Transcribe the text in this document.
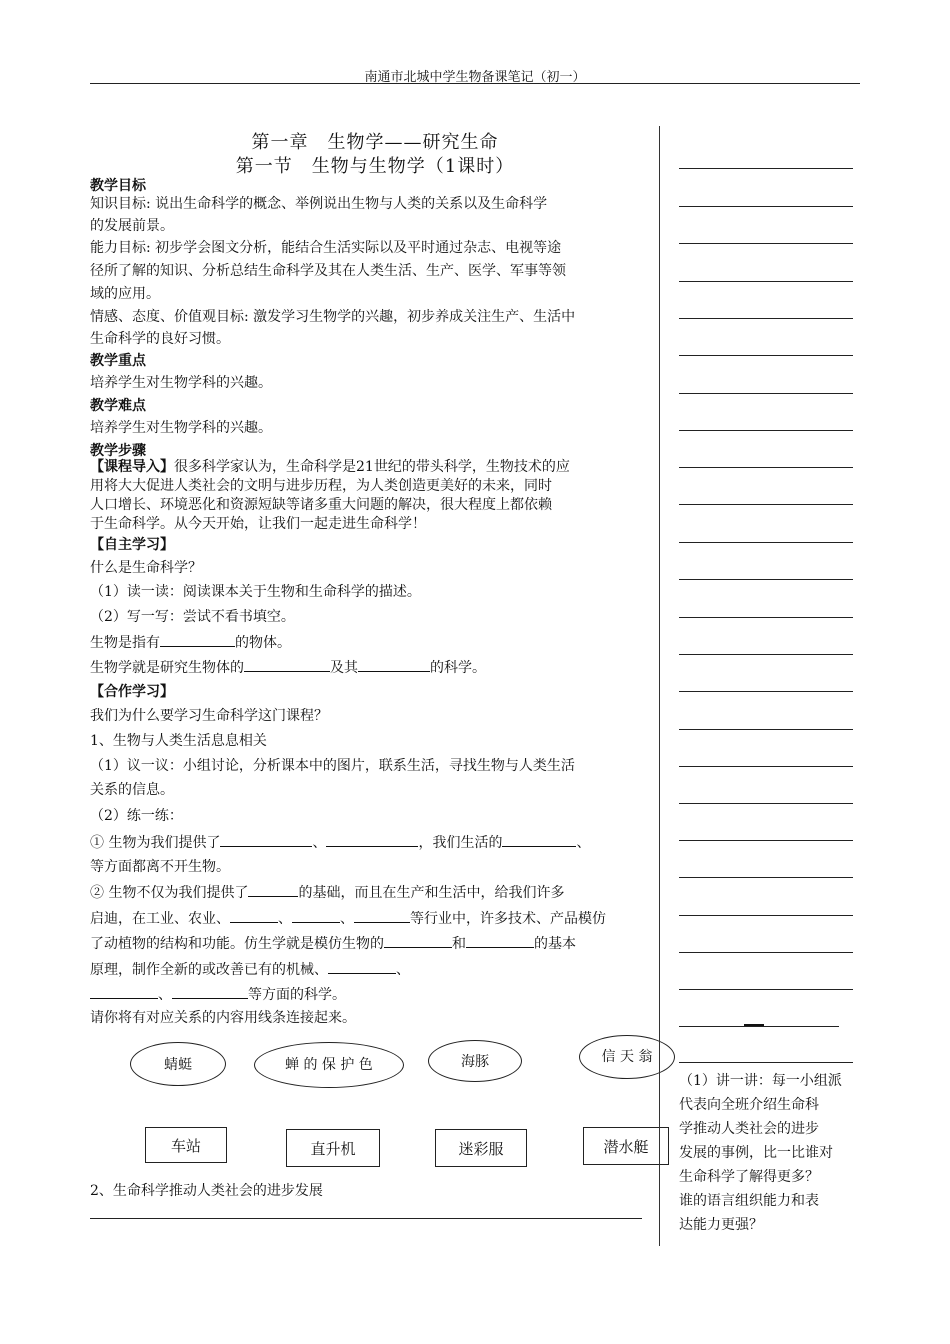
南通市北城中学生物备课笔记（初一）
第一章　生物学——研究生命
第一节　生物与生物学（1课时）
教学目标
知识目标: 说出生命科学的概念、举例说出生物与人类的关系以及生命科学
的发展前景。
能力目标: 初步学会图文分析，能结合生活实际以及平时通过杂志、电视等途
径所了解的知识、分析总结生命科学及其在人类生活、生产、医学、军事等领
域的应用。
情感、态度、价值观目标: 激发学习生物学的兴趣，初步养成关注生产、生活中
生命科学的良好习惯。
教学重点
培养学生对生物学科的兴趣。
教学难点
培养学生对生物学科的兴趣。
教学步骤
【课程导入】很多科学家认为，生命科学是21世纪的带头科学，生物技术的应
用将大大促进人类社会的文明与进步历程，为人类创造更美好的未来，同时
人口增长、环境恶化和资源短缺等诸多重大问题的解决，很大程度上都依赖
于生命科学。从今天开始，让我们一起走进生命科学！
【自主学习】
什么是生命科学？
（1）读一读：阅读课本关于生物和生命科学的描述。
（2）写一写：尝试不看书填空。
生物是指有	的物体。
生物学就是研究生物体的	及其	的科学。
【合作学习】
我们为什么要学习生命科学这门课程？
1、生物与人类生活息息相关
（1）议一议：小组讨论，分析课本中的图片，联系生活，寻找生物与人类生活
关系的信息。
（2）练一练：
① 生物为我们提供了	、	，我们生活的	、
等方面都离不开生物。
② 生物不仅为我们提供了	的基础，而且在生产和生活中，给我们许多
启迪，在工业、农业、	、	、	等行业中，许多技术、产品模仿
了动植物的结构和功能。仿生学就是模仿生物的	和	的基本
原理，制作全新的或改善已有的机械、	、
、	等方面的科学。
请你将有对应关系的内容用线条连接起来。
蜻蜓	蝉 的 保 护 色	海豚	信 天 翁
车站	直升机	迷彩服	潜水艇
2、生命科学推动人类社会的进步发展
（1）讲一讲：每一小组派
代表向全班介绍生命科
学推动人类社会的进步
发展的事例，比一比谁对
生命科学了解得更多？
谁的语言组织能力和表
达能力更强？
